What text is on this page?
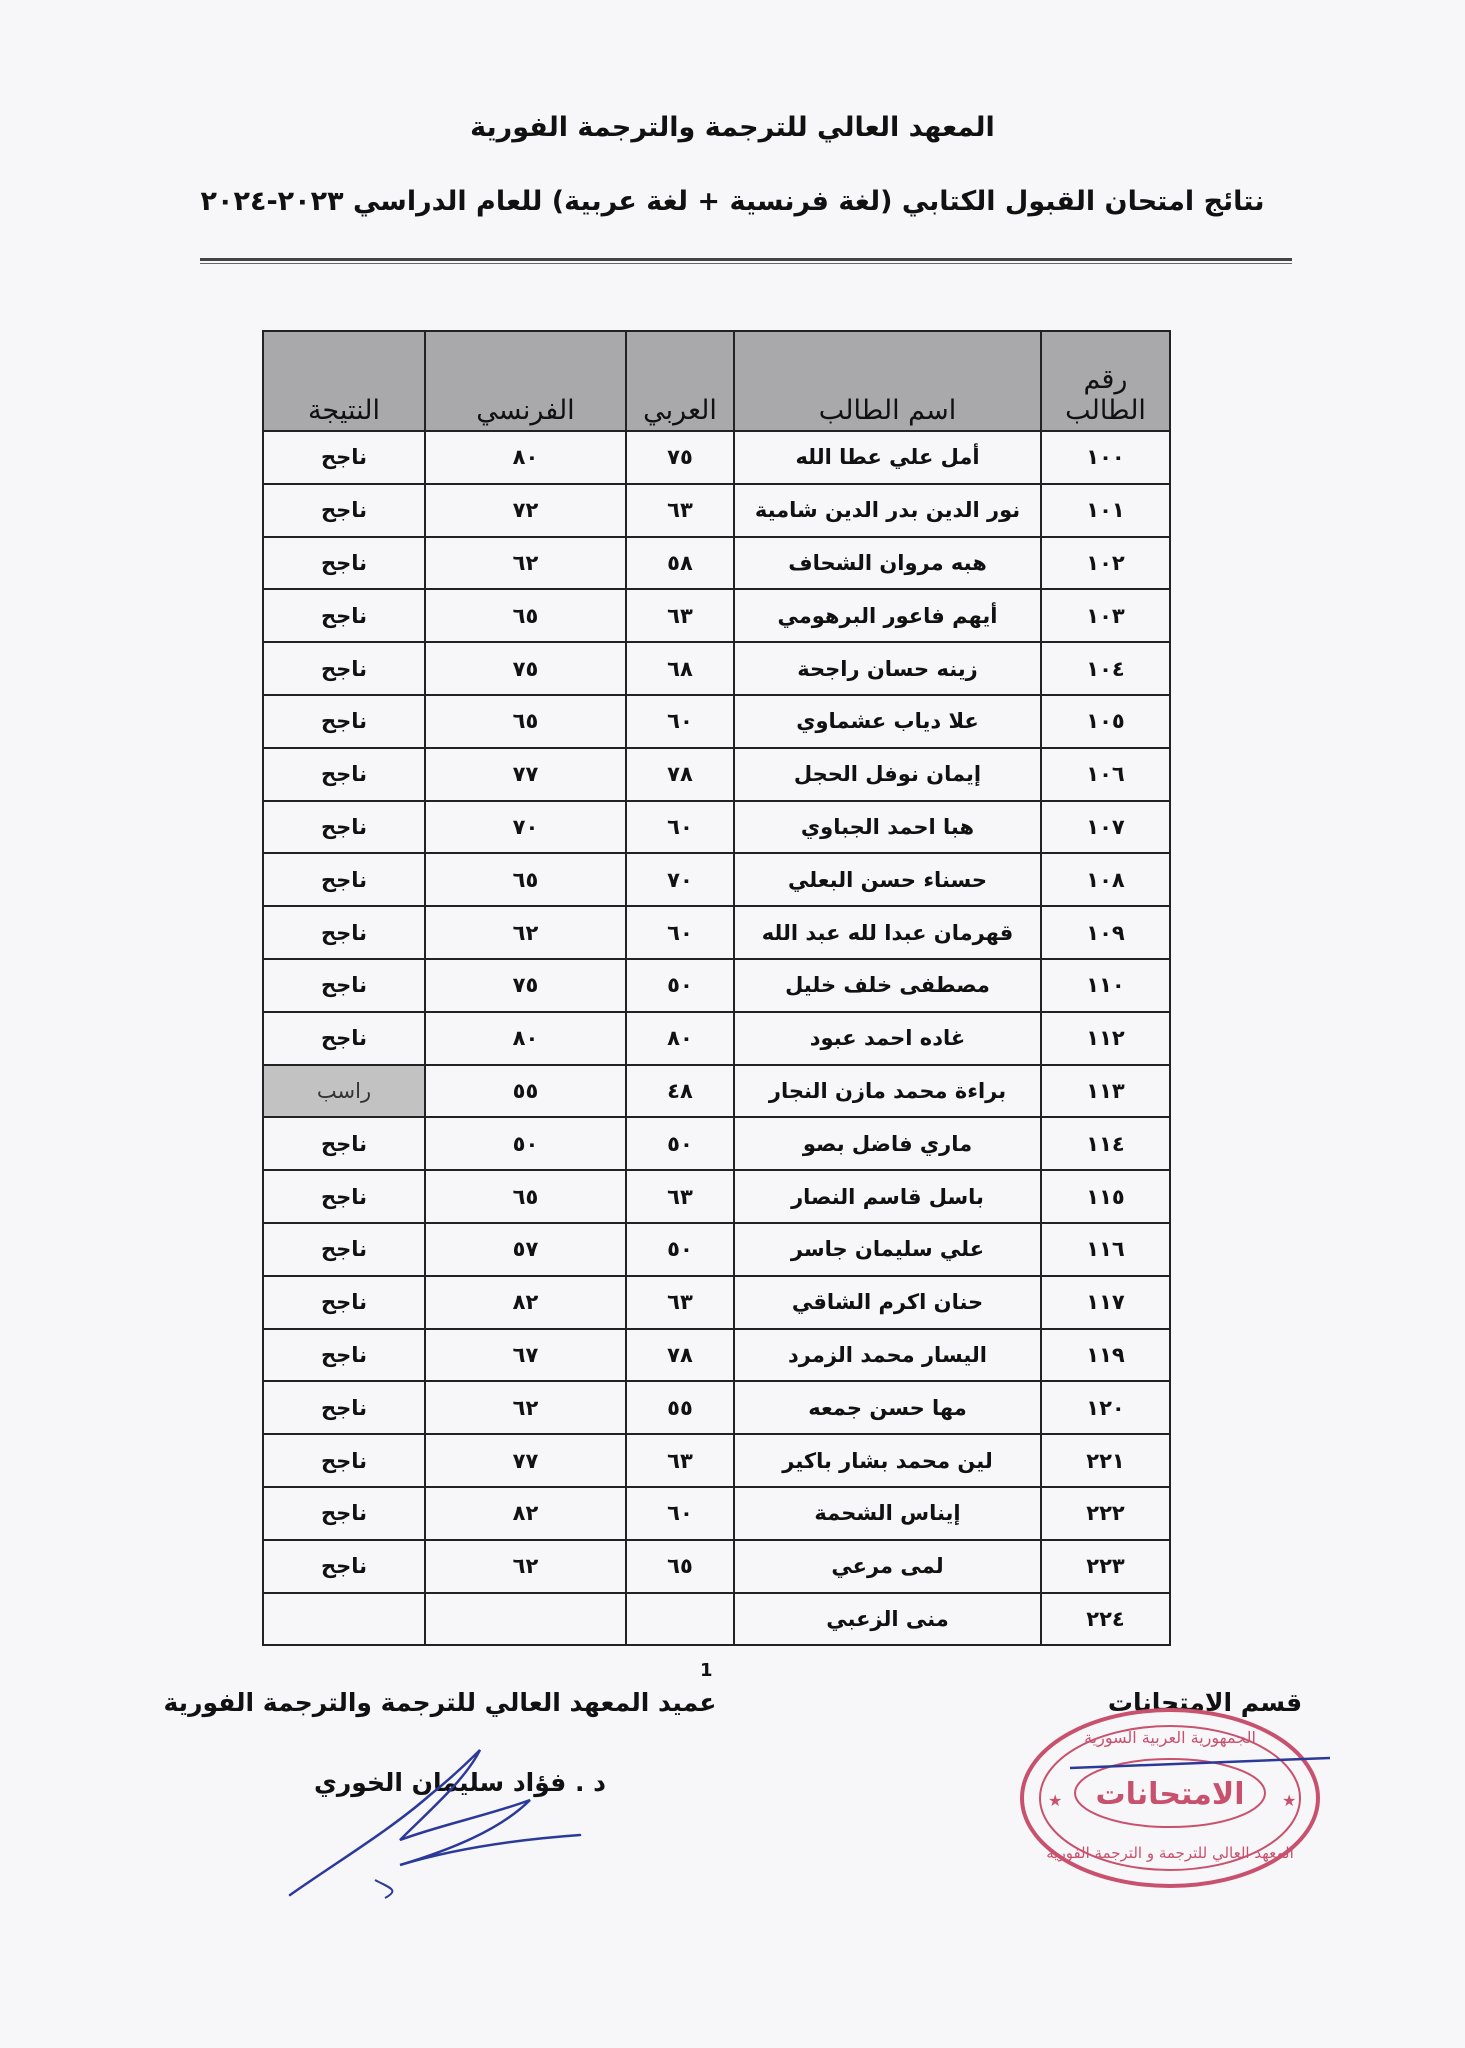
المعهد العالي للترجمة والترجمة الفورية
نتائج امتحان القبول الكتابي (لغة فرنسية + لغة عربية) للعام الدراسي ٢٠٢٣-٢٠٢٤
رقم الطالب	اسم الطالب	العربي	الفرنسي	النتيجة
١٠٠	أمل علي عطا الله	٧٥	٨٠	ناجح
١٠١	نور الدين بدر الدين شامية	٦٣	٧٢	ناجح
١٠٢	هبه مروان الشحاف	٥٨	٦٢	ناجح
١٠٣	أيهم فاعور البرهومي	٦٣	٦٥	ناجح
١٠٤	زينه حسان راجحة	٦٨	٧٥	ناجح
١٠٥	علا دياب عشماوي	٦٠	٦٥	ناجح
١٠٦	إيمان نوفل الحجل	٧٨	٧٧	ناجح
١٠٧	هبا احمد الجباوي	٦٠	٧٠	ناجح
١٠٨	حسناء حسن البعلي	٧٠	٦٥	ناجح
١٠٩	قهرمان عبدا لله عبد الله	٦٠	٦٢	ناجح
١١٠	مصطفى خلف خليل	٥٠	٧٥	ناجح
١١٢	غاده احمد عبود	٨٠	٨٠	ناجح
١١٣	براءة محمد مازن النجار	٤٨	٥٥	راسب
١١٤	ماري فاضل بصو	٥٠	٥٠	ناجح
١١٥	باسل قاسم النصار	٦٣	٦٥	ناجح
١١٦	علي سليمان جاسر	٥٠	٥٧	ناجح
١١٧	حنان اكرم الشاقي	٦٣	٨٢	ناجح
١١٩	اليسار محمد الزمرد	٧٨	٦٧	ناجح
١٢٠	مها حسن جمعه	٥٥	٦٢	ناجح
٢٢١	لين محمد بشار باكير	٦٣	٧٧	ناجح
٢٢٢	إيناس الشحمة	٦٠	٨٢	ناجح
٢٢٣	لمى مرعي	٦٥	٦٢	ناجح
٢٢٤	منى الزعبي			
1
عميد المعهد العالي للترجمة والترجمة الفورية
د . فؤاد سليمان الخوري
قسم الامتحانات
الجمهورية العربية السورية
الامتحانات
المعهد العالي للترجمة و الترجمة الفورية
★	★
